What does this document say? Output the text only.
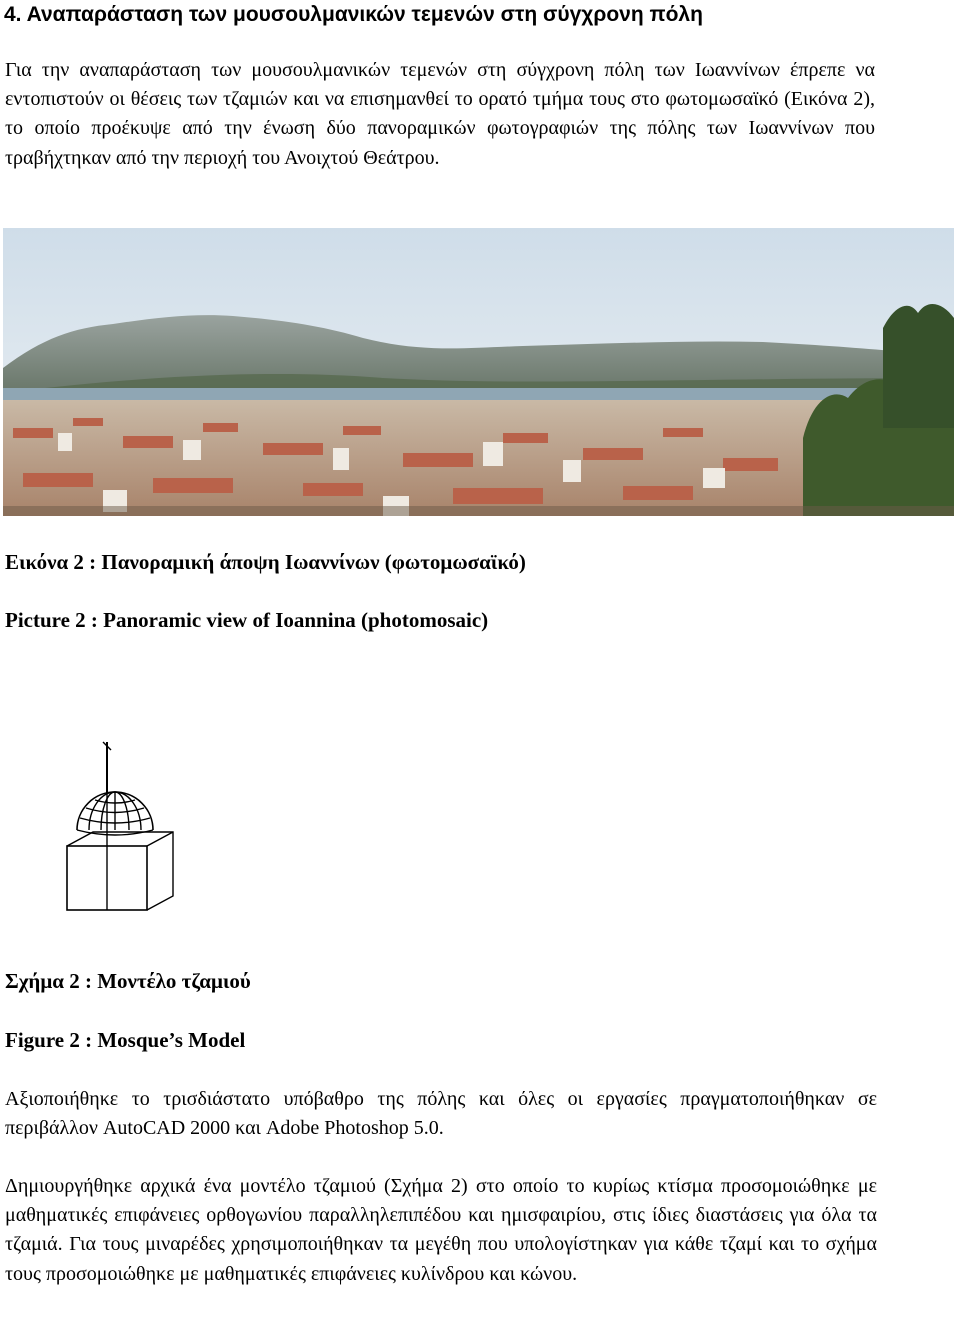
4. Αναπαράσταση των μουσουλμανικών τεμενών στη σύγχρονη πόλη

Για την αναπαράσταση των μουσουλμανικών τεμενών στη σύγχρονη πόλη των Ιωαννίνων έπρεπε να εντοπιστούν οι θέσεις των τζαμιών και να επισημανθεί το ορατό τμήμα τους στο φωτομωσαϊκό (Εικόνα 2), το οποίο προέκυψε από την ένωση δύο πανοραμικών φωτογραφιών της πόλης των Ιωαννίνων που τραβήχτηκαν από την περιοχή του Ανοιχτού Θεάτρου.

Εικόνα 2 : Πανοραμική άποψη Ιωαννίνων (φωτομωσαϊκό)
Picture 2 : Panoramic view of Ioannina (photomosaic)
Σχήμα 2 : Μοντέλο τζαμιού
Figure 2 : Mosque’s Model

Αξιοποιήθηκε το τρισδιάστατο υπόβαθρο της πόλης και όλες οι εργασίες πραγματοποιήθηκαν σε περιβάλλον AutoCAD 2000 και Adobe Photoshop 5.0.

Δημιουργήθηκε αρχικά ένα μοντέλο τζαμιού (Σχήμα 2) στο οποίο το κυρίως κτίσμα προσομοιώθηκε με μαθηματικές επιφάνειες ορθογωνίου παραλληλεπιπέδου και ημισφαιρίου, στις ίδιες διαστάσεις για όλα τα τζαμιά. Για τους μιναρέδες χρησιμοποιήθηκαν τα μεγέθη που υπολογίστηκαν για κάθε τζαμί και το σχήμα τους προσομοιώθηκε με μαθηματικές επιφάνειες κυλίνδρου και κώνου.
